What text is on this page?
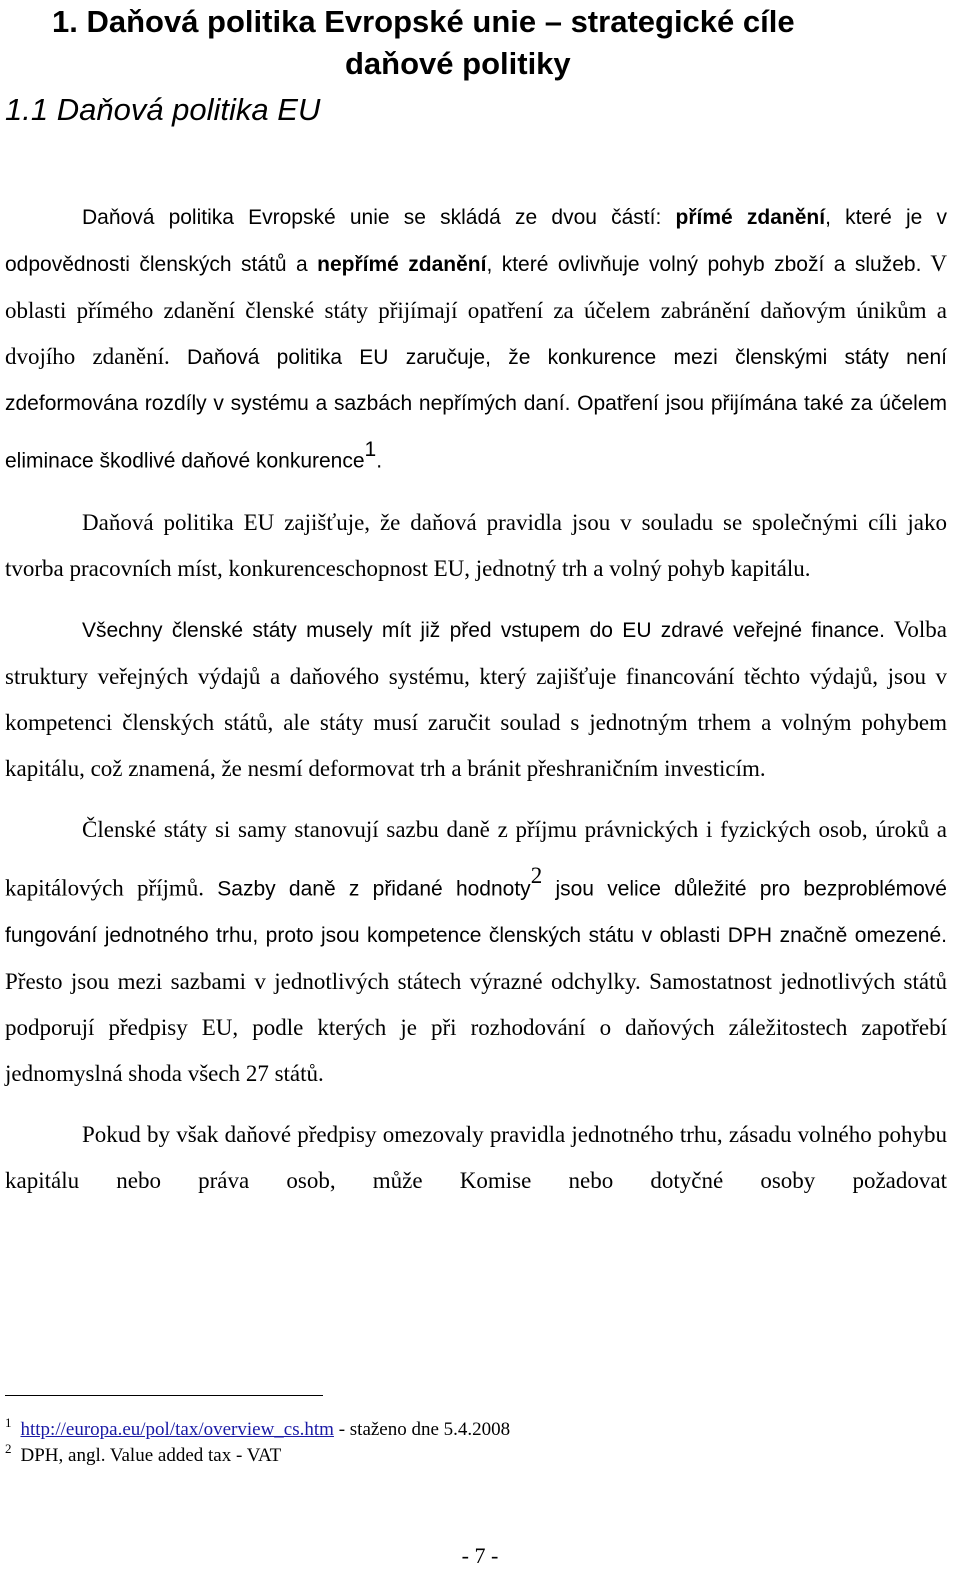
1. Daňová politika Evropské unie – strategické cíle
daňové politiky
1.1 Daňová politika EU

Daňová politika Evropské unie se skládá ze dvou částí: přímé zdanění, které je v odpovědnosti členských států a nepřímé zdanění, které ovlivňuje volný pohyb zboží a služeb. V oblasti přímého zdanění členské státy přijímají opatření za účelem zabránění daňovým únikům a dvojího zdanění. Daňová politika EU zaručuje, že konkurence mezi členskými státy není zdeformována rozdíly v systému a sazbách nepřímých daní. Opatření jsou přijímána také za účelem eliminace škodlivé daňové konkurence$^1$.

Daňová politika EU zajišťuje, že daňová pravidla jsou v souladu se společnými cíli jako tvorba pracovních míst, konkurenceschopnost EU, jednotný trh a volný pohyb kapitálu.

Všechny členské státy musely mít již před vstupem do EU zdravé veřejné finance. Volba struktury veřejných výdajů a daňového systému, který zajišťuje financování těchto výdajů, jsou v kompetenci členských států, ale státy musí zaručit soulad s jednotným trhem a volným pohybem kapitálu, což znamená, že nesmí deformovat trh a bránit přeshraničním investicím.

Členské státy si samy stanovují sazbu daně z příjmu právnických i fyzických osob, úroků a kapitálových příjmů. Sazby daně z přidané hodnoty$^2$ jsou velice důležité pro bezproblémové fungování jednotného trhu, proto jsou kompetence členských státu v oblasti DPH značně omezené. Přesto jsou mezi sazbami v jednotlivých státech výrazné odchylky. Samostatnost jednotlivých států podporují předpisy EU, podle kterých je při rozhodování o daňových záležitostech zapotřebí jednomyslná shoda všech 27 států.

Pokud by však daňové předpisy omezovaly pravidla jednotného trhu, zásadu volného pohybu kapitálu nebo práva osob, může Komise nebo dotyčné osoby požadovat

$^1$ http://europa.eu/pol/tax/overview_cs.htm - staženo dne 5.4.2008
$^2$ DPH, angl. Value added tax - VAT
- 7 -
